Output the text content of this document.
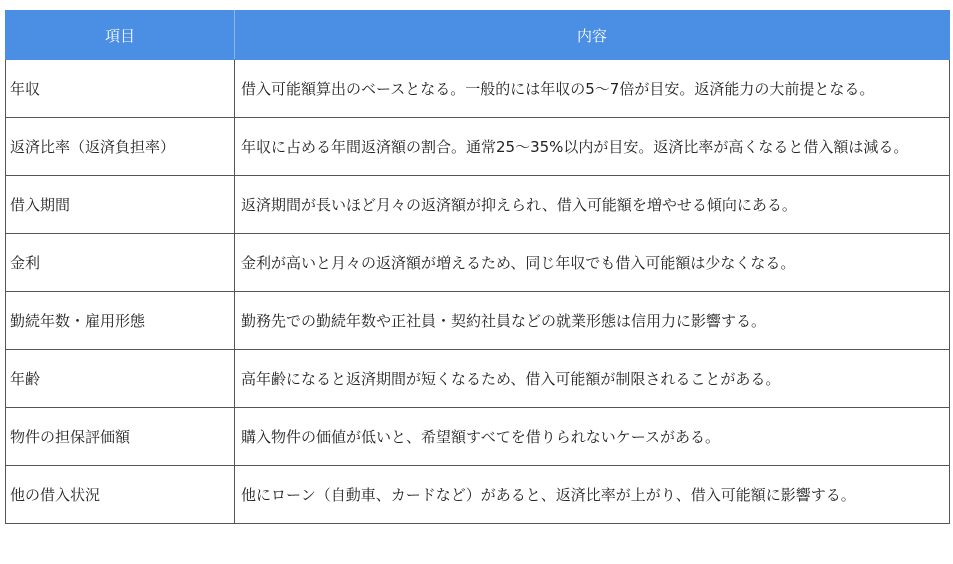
項目	内容
年収	借入可能額算出のベースとなる。一般的には年収の5〜7倍が目安。返済能力の大前提となる。
返済比率（返済負担率）	年収に占める年間返済額の割合。通常25〜35%以内が目安。返済比率が高くなると借入額は減る。
借入期間	返済期間が長いほど月々の返済額が抑えられ、借入可能額を増やせる傾向にある。
金利	金利が高いと月々の返済額が増えるため、同じ年収でも借入可能額は少なくなる。
勤続年数・雇用形態	勤務先での勤続年数や正社員・契約社員などの就業形態は信用力に影響する。
年齢	高年齢になると返済期間が短くなるため、借入可能額が制限されることがある。
物件の担保評価額	購入物件の価値が低いと、希望額すべてを借りられないケースがある。
他の借入状況	他にローン（自動車、カードなど）があると、返済比率が上がり、借入可能額に影響する。
